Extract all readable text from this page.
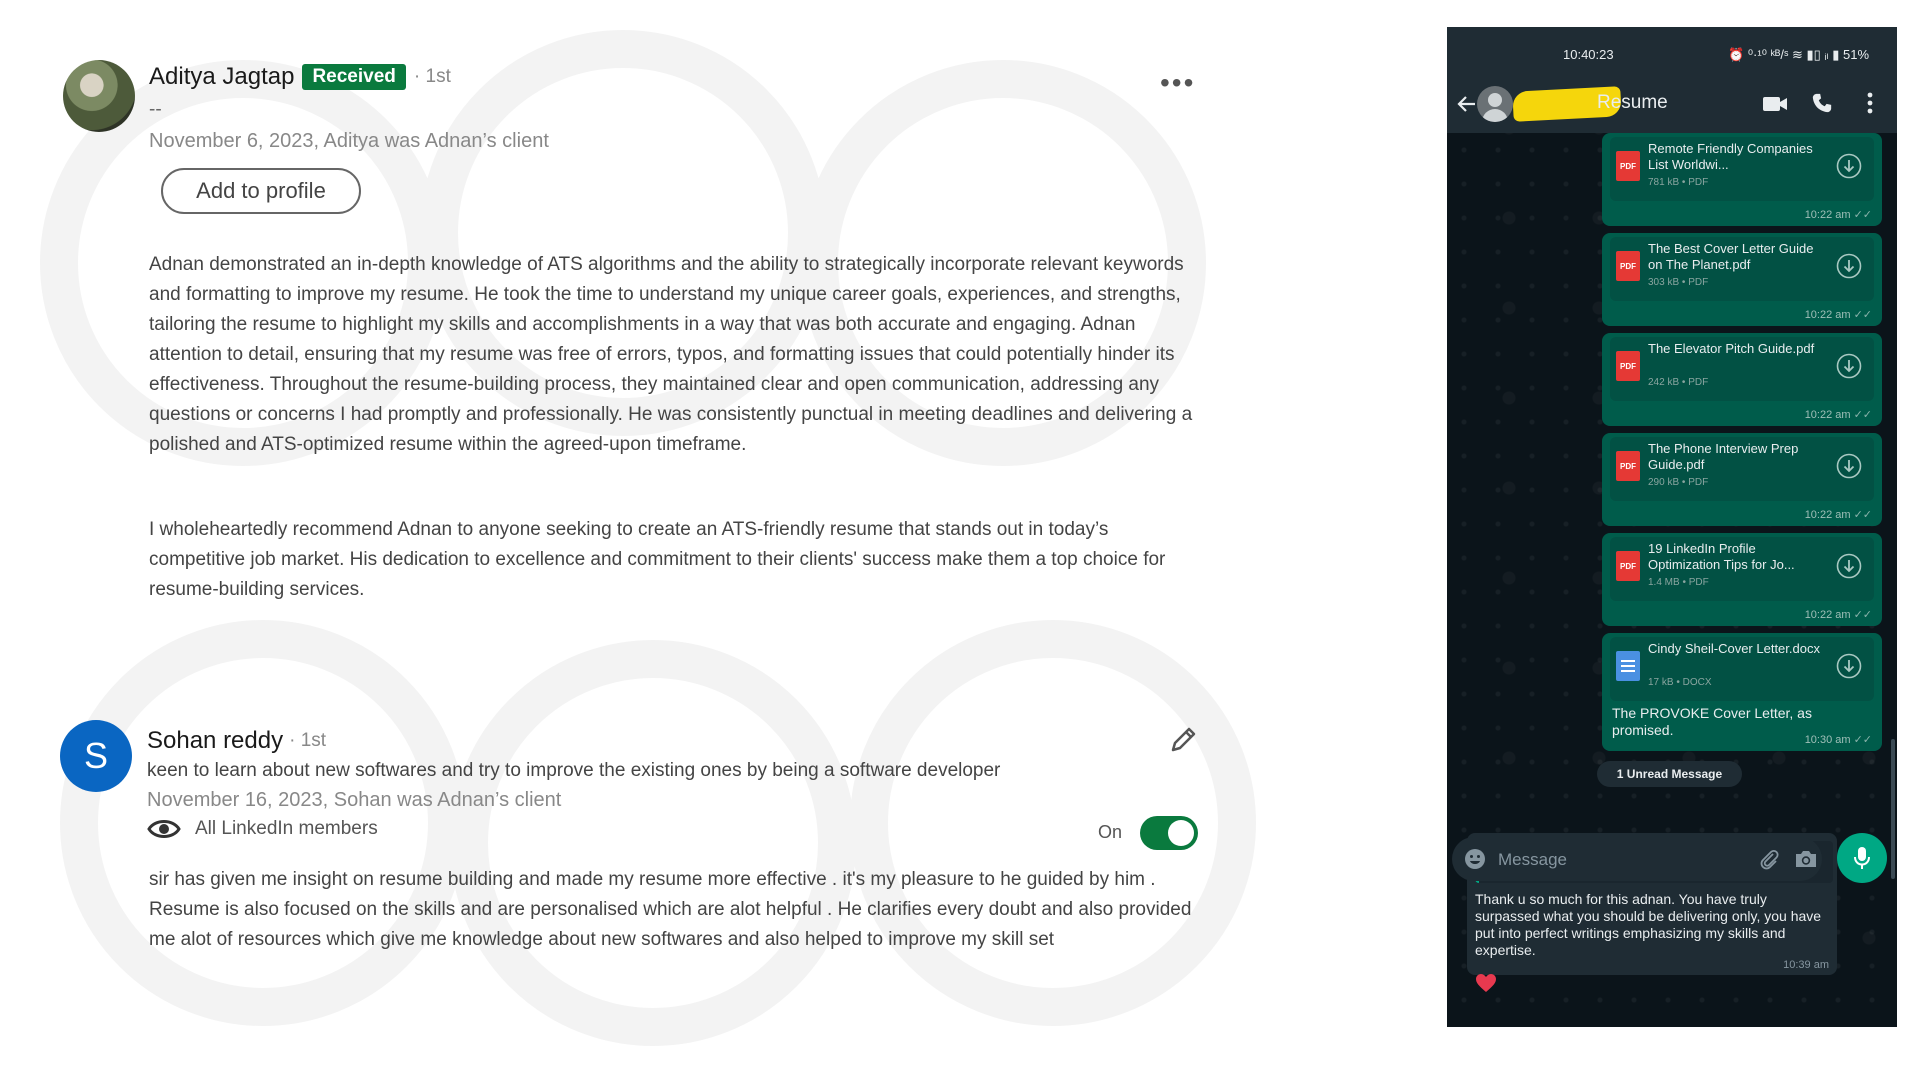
Aditya Jagtap Received · 1st
--
November 6, 2023, Aditya was Adnan’s client
•••
Add to profile

Adnan demonstrated an in-depth knowledge of ATS algorithms and the ability to strategically incorporate relevant keywords and formatting to improve my resume. He took the time to understand my unique career goals, experiences, and strengths, tailoring the resume to highlight my skills and accomplishments in a way that was both accurate and engaging. Adnan attention to detail, ensuring that my resume was free of errors, typos, and formatting issues that could potentially hinder its effectiveness. Throughout the resume-building process, they maintained clear and open communication, addressing any questions or concerns I had promptly and professionally. He was consistently punctual in meeting deadlines and delivering a polished and ATS-optimized resume within the agreed-upon timeframe.

I wholeheartedly recommend Adnan to anyone seeking to create an ATS-friendly resume that stands out in today’s competitive job market. His dedication to excellence and commitment to their clients' success make them a top choice for resume-building services.

S	Sohan reddy · 1st
keen to learn about new softwares and try to improve the existing ones by being a software developer
November 16, 2023, Sohan was Adnan’s client
All LinkedIn members	On

sir has given me insight on resume building and made my resume more effective . it's my pleasure to he guided by him . Resume is also focused on the skills and are personalised which are alot helpful . He clarifies every doubt and also provided me alot of resources which give me knowledge about new softwares and also helped to improve my skill set

10:40:23	⏰ ⁰·¹⁰ ᵏᴮ/ˢ ≋ ▮▯ ᵢₗ ▮ 51%
Resume
PDF
Remote Friendly Companies List Worldwi...
781 kB • PDF
10:22 am ✓✓
PDF
The Best Cover Letter Guide on The Planet.pdf
303 kB • PDF
10:22 am ✓✓
PDF
The Elevator Pitch Guide.pdf
242 kB • PDF
10:22 am ✓✓
PDF
The Phone Interview Prep Guide.pdf
290 kB • PDF
10:22 am ✓✓
PDF
19 LinkedIn Profile Optimization Tips for Jo...
1.4 MB • PDF
10:22 am ✓✓
Cindy Sheil-Cover Letter.docx
17 kB • DOCX
The PROVOKE Cover Letter, as promised.
10:30 am ✓✓
1 Unread Message
Thank u so much for this adnan. You have truly surpassed what you should be delivering only, you have put into perfect writings emphasizing my skills and expertise.
10:39 am
Message
